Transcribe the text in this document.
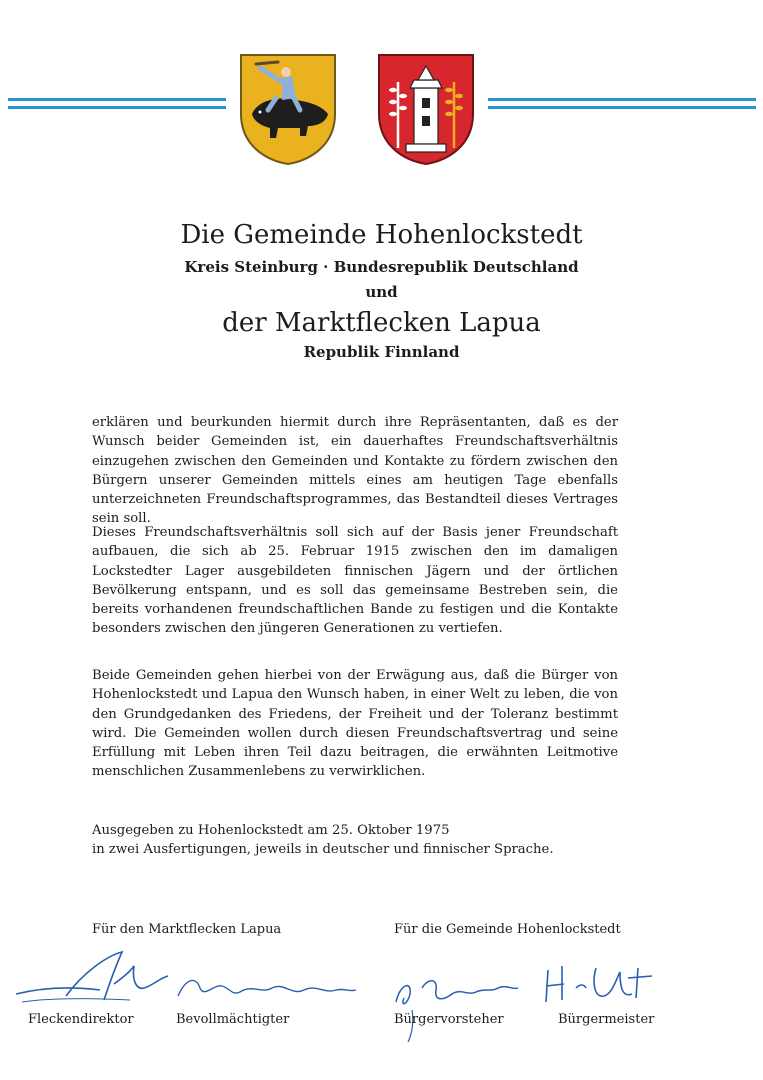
Die Gemeinde Hohenlockstedt
Kreis Steinburg · Bundesrepublik Deutschland
und
der Marktflecken Lapua
Republik Finnland

erklären und beurkunden hiermit durch ihre Repräsentanten, daß es der Wunsch beider Gemeinden ist, ein dauerhaftes Freundschaftsverhältnis einzugehen zwischen den Gemeinden und Kontakte zu fördern zwischen den Bürgern unserer Gemeinden mittels eines am heutigen Tage ebenfalls unterzeichneten Freundschaftsprogrammes, das Bestandteil dieses Vertrages sein soll.

Dieses Freundschaftsverhältnis soll sich auf der Basis jener Freundschaft aufbauen, die sich ab 25. Februar 1915 zwischen den im damaligen Lockstedter Lager ausgebildeten finnischen Jägern und der örtlichen Bevölkerung entspann, und es soll das gemeinsame Bestreben sein, die bereits vorhandenen freundschaftlichen Bande zu festigen und die Kontakte besonders zwischen den jüngeren Generationen zu vertiefen.

Beide Gemeinden gehen hierbei von der Erwägung aus, daß die Bürger von Hohenlockstedt und Lapua den Wunsch haben, in einer Welt zu leben, die von den Grundgedanken des Friedens, der Freiheit und der Toleranz bestimmt wird. Die Gemeinden wollen durch diesen Freundschaftsvertrag und seine Erfüllung mit Leben ihren Teil dazu beitragen, die erwähnten Leitmotive menschlichen Zusammenlebens zu verwirklichen.

Ausgegeben zu Hohenlockstedt am 25. Oktober 1975
in zwei Ausfertigungen, jeweils in deutscher und finnischer Sprache.
Für den Marktflecken Lapua	Für die Gemeinde Hohenlockstedt
Fleckendirektor	Bevollmächtigter	Bürgervorsteher	Bürgermeister
